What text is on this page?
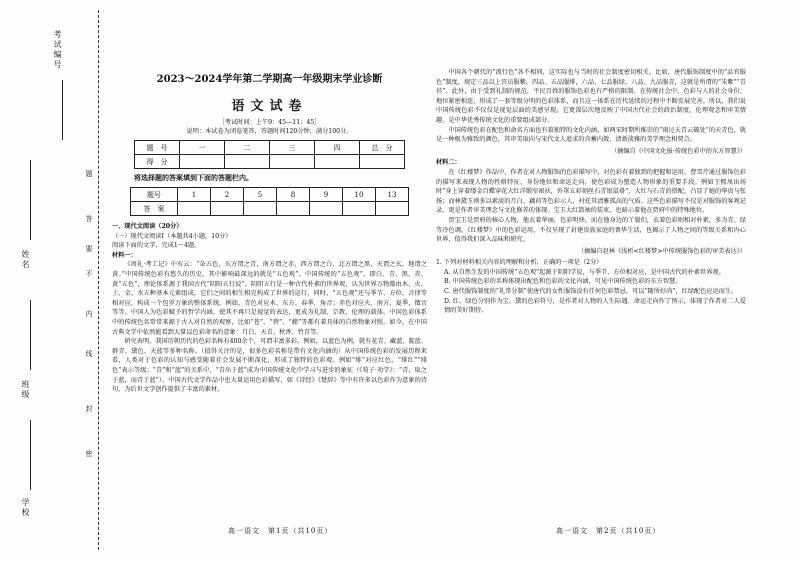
考试编号
姓名
班级
学校
题
答
要
不
内
线
封
密

2023～2024学年第二学期高一年级期末学业诊断

语文试卷

［考试时间：上午9：45—11：45］
说明：本试卷为闭卷笔答，答题时间120分钟，满分100分。
题　号	一	二	三	四	总　分
得　分					
将选择题的答案填到下面的答题栏内。
题号	1	2	5	8	9	10	13
答　案							

一、现代文阅读（20分）

（一）现代文阅读Ⅰ（本题共4小题，10分）

阅读下面的文字，完成1～4题。

材料一：

《周礼·考工记》中有云：“杂五色，东方谓之青，南方谓之赤，西方谓之白，北方谓之黑，天谓之玄，地谓之黄。”中国传统色彩有悠久的历史，其中影响最深远的就是“五色观”。中国传统的“五色观”，即白、青、黑、赤、黄“五色”，理论体系源于我国古代“阴阳五行说”。阴阳五行是一种古代朴素的世界观，认为世界万物都由木、火、土、金、水五种基本元素组成，它们之间的相生相克构成了世界的运行。同时，“五色观”还与季节、方位、音律等相对应，构成一个包罗万象的整体系统。例如，青色对应木、东方、春季、角音；赤色对应火、南方、夏季、徵音等等。中国人为色彩赋予的哲学内涵，使其不再只是视觉的表达，更成为礼制、宗教、伦理的载体。中国色彩体系中的传统色名常常来源于古人对自然的观察，比如“苍”、“碧”、“赭”等都有着具体的自然物象对照。如今，在中国古典文学中依然能看到大量以色彩命名的意象：月白、天青、秋香、竹青等。

研究表明，我国历朝历代的色彩名称有400余个，可谓丰富多彩。例如，以蓝色为例，就有花青、藏蓝、靛蓝、群青、黛色、天蓝等多种名称。（值得关注的是，很多色彩名称是带有文化内涵的）从中国传统色彩的发展历程来看，人类对于色彩的认知与感受随着社会发展不断深化，形成了独特的色彩观。例如“绯”对应红色，“绯红”“绯色”表示等级；“青”和“蓝”的关系中，“青出于蓝”成为中国传统文化中学习与进步的象征（《荀子·劝学》：“青，取之于蓝，而青于蓝”）。中国古代文学作品中也大量运用色彩描写，如《诗经》《楚辞》等中有许多以色彩作为意象的诗句，为后世文学创作提供了丰富的素材。

高一语文　第1页（共10页）

中国各个朝代的“流行色”各不相同，这实际也与当时的社会制度密切相关。比如，唐代服饰制度中的“品官服色”制度，规定三品以上官员服紫，四品、五品服绯，六品、七品服绿，八品、九品服青，这就是所谓的“朱紫”“青衫”。此外，由于受到礼制的规范，平民百姓的服饰色彩也有严格的限制。在传统社会中，色彩与人的社会身份、地位紧密相连，形成了一套等级分明的色彩体系，而且这一体系在历代延续的过程中不断发展完善。所以，我们说中国传统色彩不仅仅是视觉层面的美感呈现，它更深层次地反映了中国古代社会的政治制度、伦理观念和审美情趣，是中华优秀传统文化的重要组成部分。

中国传统色彩在配色和命名方面也有着独特的文化内涵，如两宋时期所推崇的“雨过天青云破处”的天青色，就是一种极为雅致的颜色，其审美取向与宋代文人追求的含蓄内敛、清新淡雅的美学理念相契合。

（摘编自《中国文化报·传统色彩中的东方智慧》）

材料二：

在《红楼梦》作品中，作者在对人物服饰的色彩描写中，对色彩有着独到的把握和运用。曹雪芹通过服饰色彩的描写来表现人物的性格特征、身份地位和命运走向，使色彩成为塑造人物形象的重要手段。例如王熙凤出场时“身上穿着缕金百蝶穿花大红洋缎窄裉袄，外罩五彩刻丝石青银鼠褂”，大红与石青的搭配，凸显了她的华贵与张扬；而林黛玉则多以素淡的月白、藕荷等色彩示人，衬托其清雅孤高的气质。这些色彩描写不仅是对服饰的客观记录，更是作者审美理念与文化修养的体现。宝玉大红箭袖的装束，也暗示着他在贾府中的特殊地位。

贾宝玉是贾府的核心人物，他衣着华丽，色彩明快。而在他身边的丫鬟们，衣着色彩则相对朴素，多为青、绿等冷色调。《红楼梦》中的色彩运用，不仅呈现了封建贵族家庭的奢华生活，也揭示了人物之间的等级关系和内心世界，值得我们深入品味和研究。

（摘编自赵林《浅析<红楼梦>中传统服饰色彩的审美表达》）

1. 下列对材料相关内容的理解和分析，正确的一项是（2分）

A. 从自然生发的中国传统“五色观”起源于阴阳学说，与季节、方位相对应，是中国古代的朴素世界观。

B. 中国传统色彩的名称体现出配色和色彩的文化内涵，可见中国传统色彩的东方智慧。

C. 唐代服饰制度的“礼常分制”使唐代的女性服饰没有任何色彩禁忌，可以“随所好尚”，红绿配色应运而生。

D. 红、绿色分别作为宝、黛的色彩符号，是作者对人物的人生际遇、命运走向作了预示，体现了作者对二人爱情的美好期待。

高一语文　第2页（共10页）
